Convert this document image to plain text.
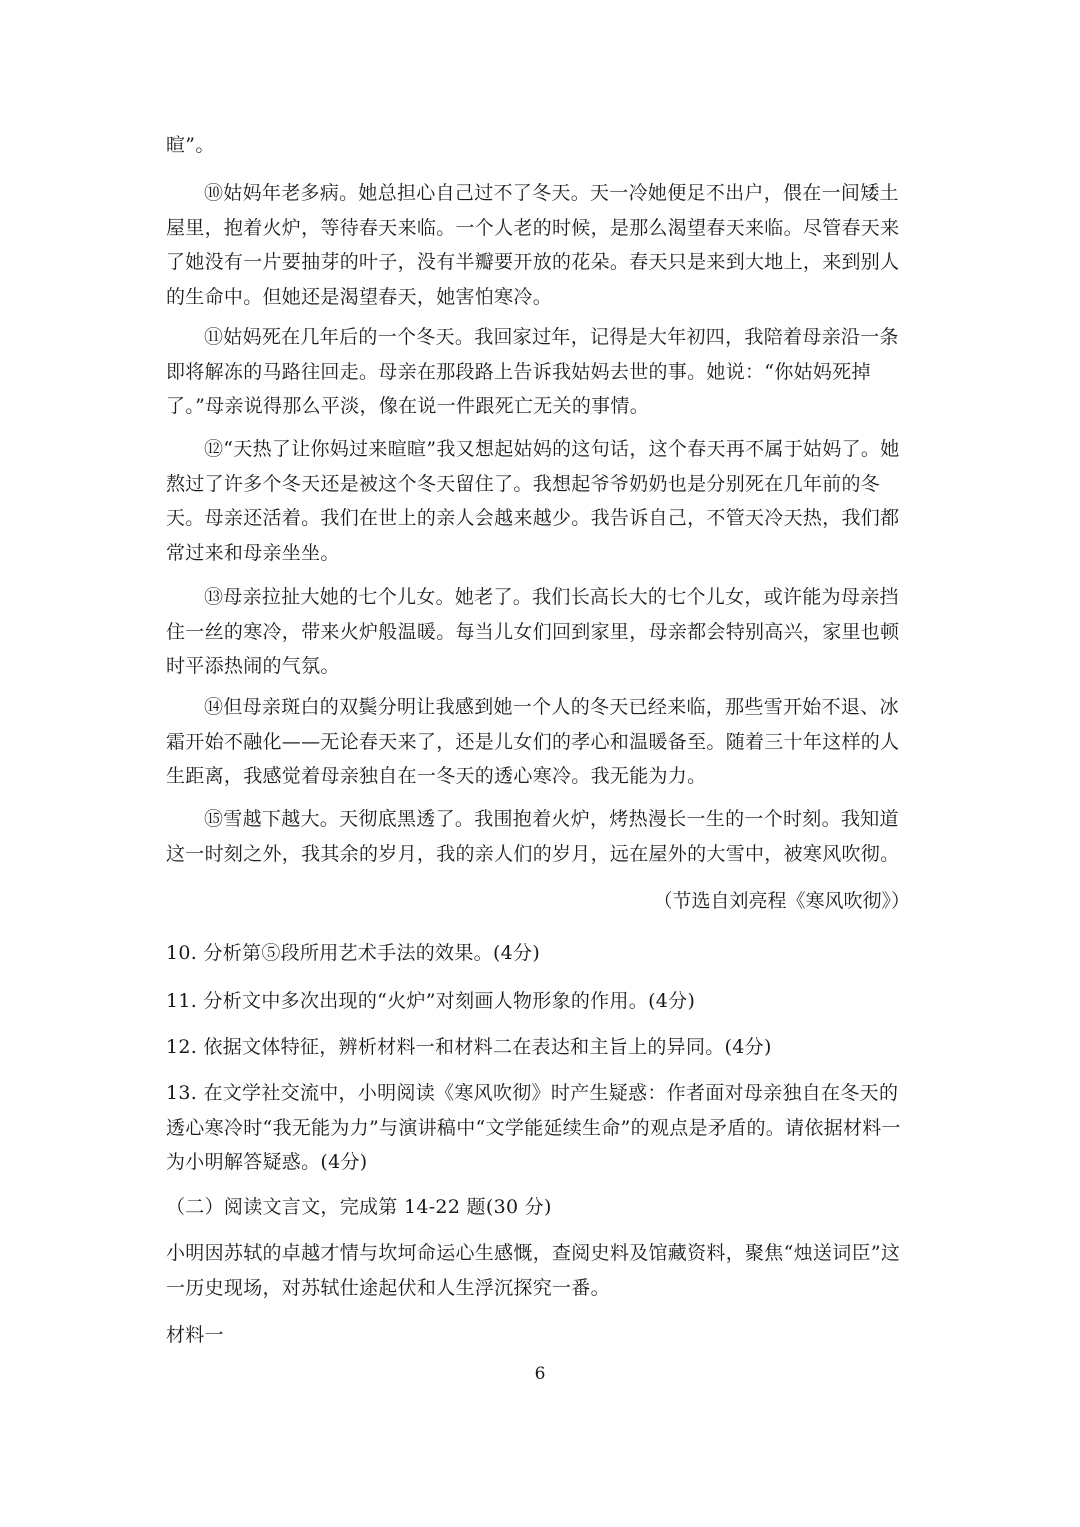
暄”。
⑩姑妈年老多病。她总担心自己过不了冬天。天一冷她便足不出户，偎在一间矮土屋里，抱着火炉，等待春天来临。一个人老的时候，是那么渴望春天来临。尽管春天来了她没有一片要抽芽的叶子，没有半瓣要开放的花朵。春天只是来到大地上，来到别人的生命中。但她还是渴望春天，她害怕寒冷。
⑪姑妈死在几年后的一个冬天。我回家过年，记得是大年初四，我陪着母亲沿一条即将解冻的马路往回走。母亲在那段路上告诉我姑妈去世的事。她说：“你姑妈死掉了。”母亲说得那么平淡，像在说一件跟死亡无关的事情。
⑫“天热了让你妈过来暄暄”我又想起姑妈的这句话，这个春天再不属于姑妈了。她熬过了许多个冬天还是被这个冬天留住了。我想起爷爷奶奶也是分别死在几年前的冬天。母亲还活着。我们在世上的亲人会越来越少。我告诉自己，不管天冷天热，我们都常过来和母亲坐坐。
⑬母亲拉扯大她的七个儿女。她老了。我们长高长大的七个儿女，或许能为母亲挡住一丝的寒冷，带来火炉般温暖。每当儿女们回到家里，母亲都会特别高兴，家里也顿时平添热闹的气氛。
⑭但母亲斑白的双鬓分明让我感到她一个人的冬天已经来临，那些雪开始不退、冰霜开始不融化——无论春天来了，还是儿女们的孝心和温暖备至。随着三十年这样的人生距离，我感觉着母亲独自在一冬天的透心寒冷。我无能为力。
⑮雪越下越大。天彻底黑透了。我围抱着火炉，烤热漫长一生的一个时刻。我知道这一时刻之外，我其余的岁月，我的亲人们的岁月，远在屋外的大雪中，被寒风吹彻。
（节选自刘亮程《寒风吹彻》）
10. 分析第⑤段所用艺术手法的效果。(4分)
11. 分析文中多次出现的“火炉”对刻画人物形象的作用。(4分)
12. 依据文体特征，辨析材料一和材料二在表达和主旨上的异同。(4分)
13. 在文学社交流中，小明阅读《寒风吹彻》时产生疑惑：作者面对母亲独自在冬天的透心寒冷时“我无能为力”与演讲稿中“文学能延续生命”的观点是矛盾的。请依据材料一为小明解答疑惑。(4分)
（二）阅读文言文，完成第 14-22 题(30 分)
小明因苏轼的卓越才情与坎坷命运心生感慨，查阅史料及馆藏资料，聚焦“烛送词臣”这一历史现场，对苏轼仕途起伏和人生浮沉探究一番。
材料一
6
